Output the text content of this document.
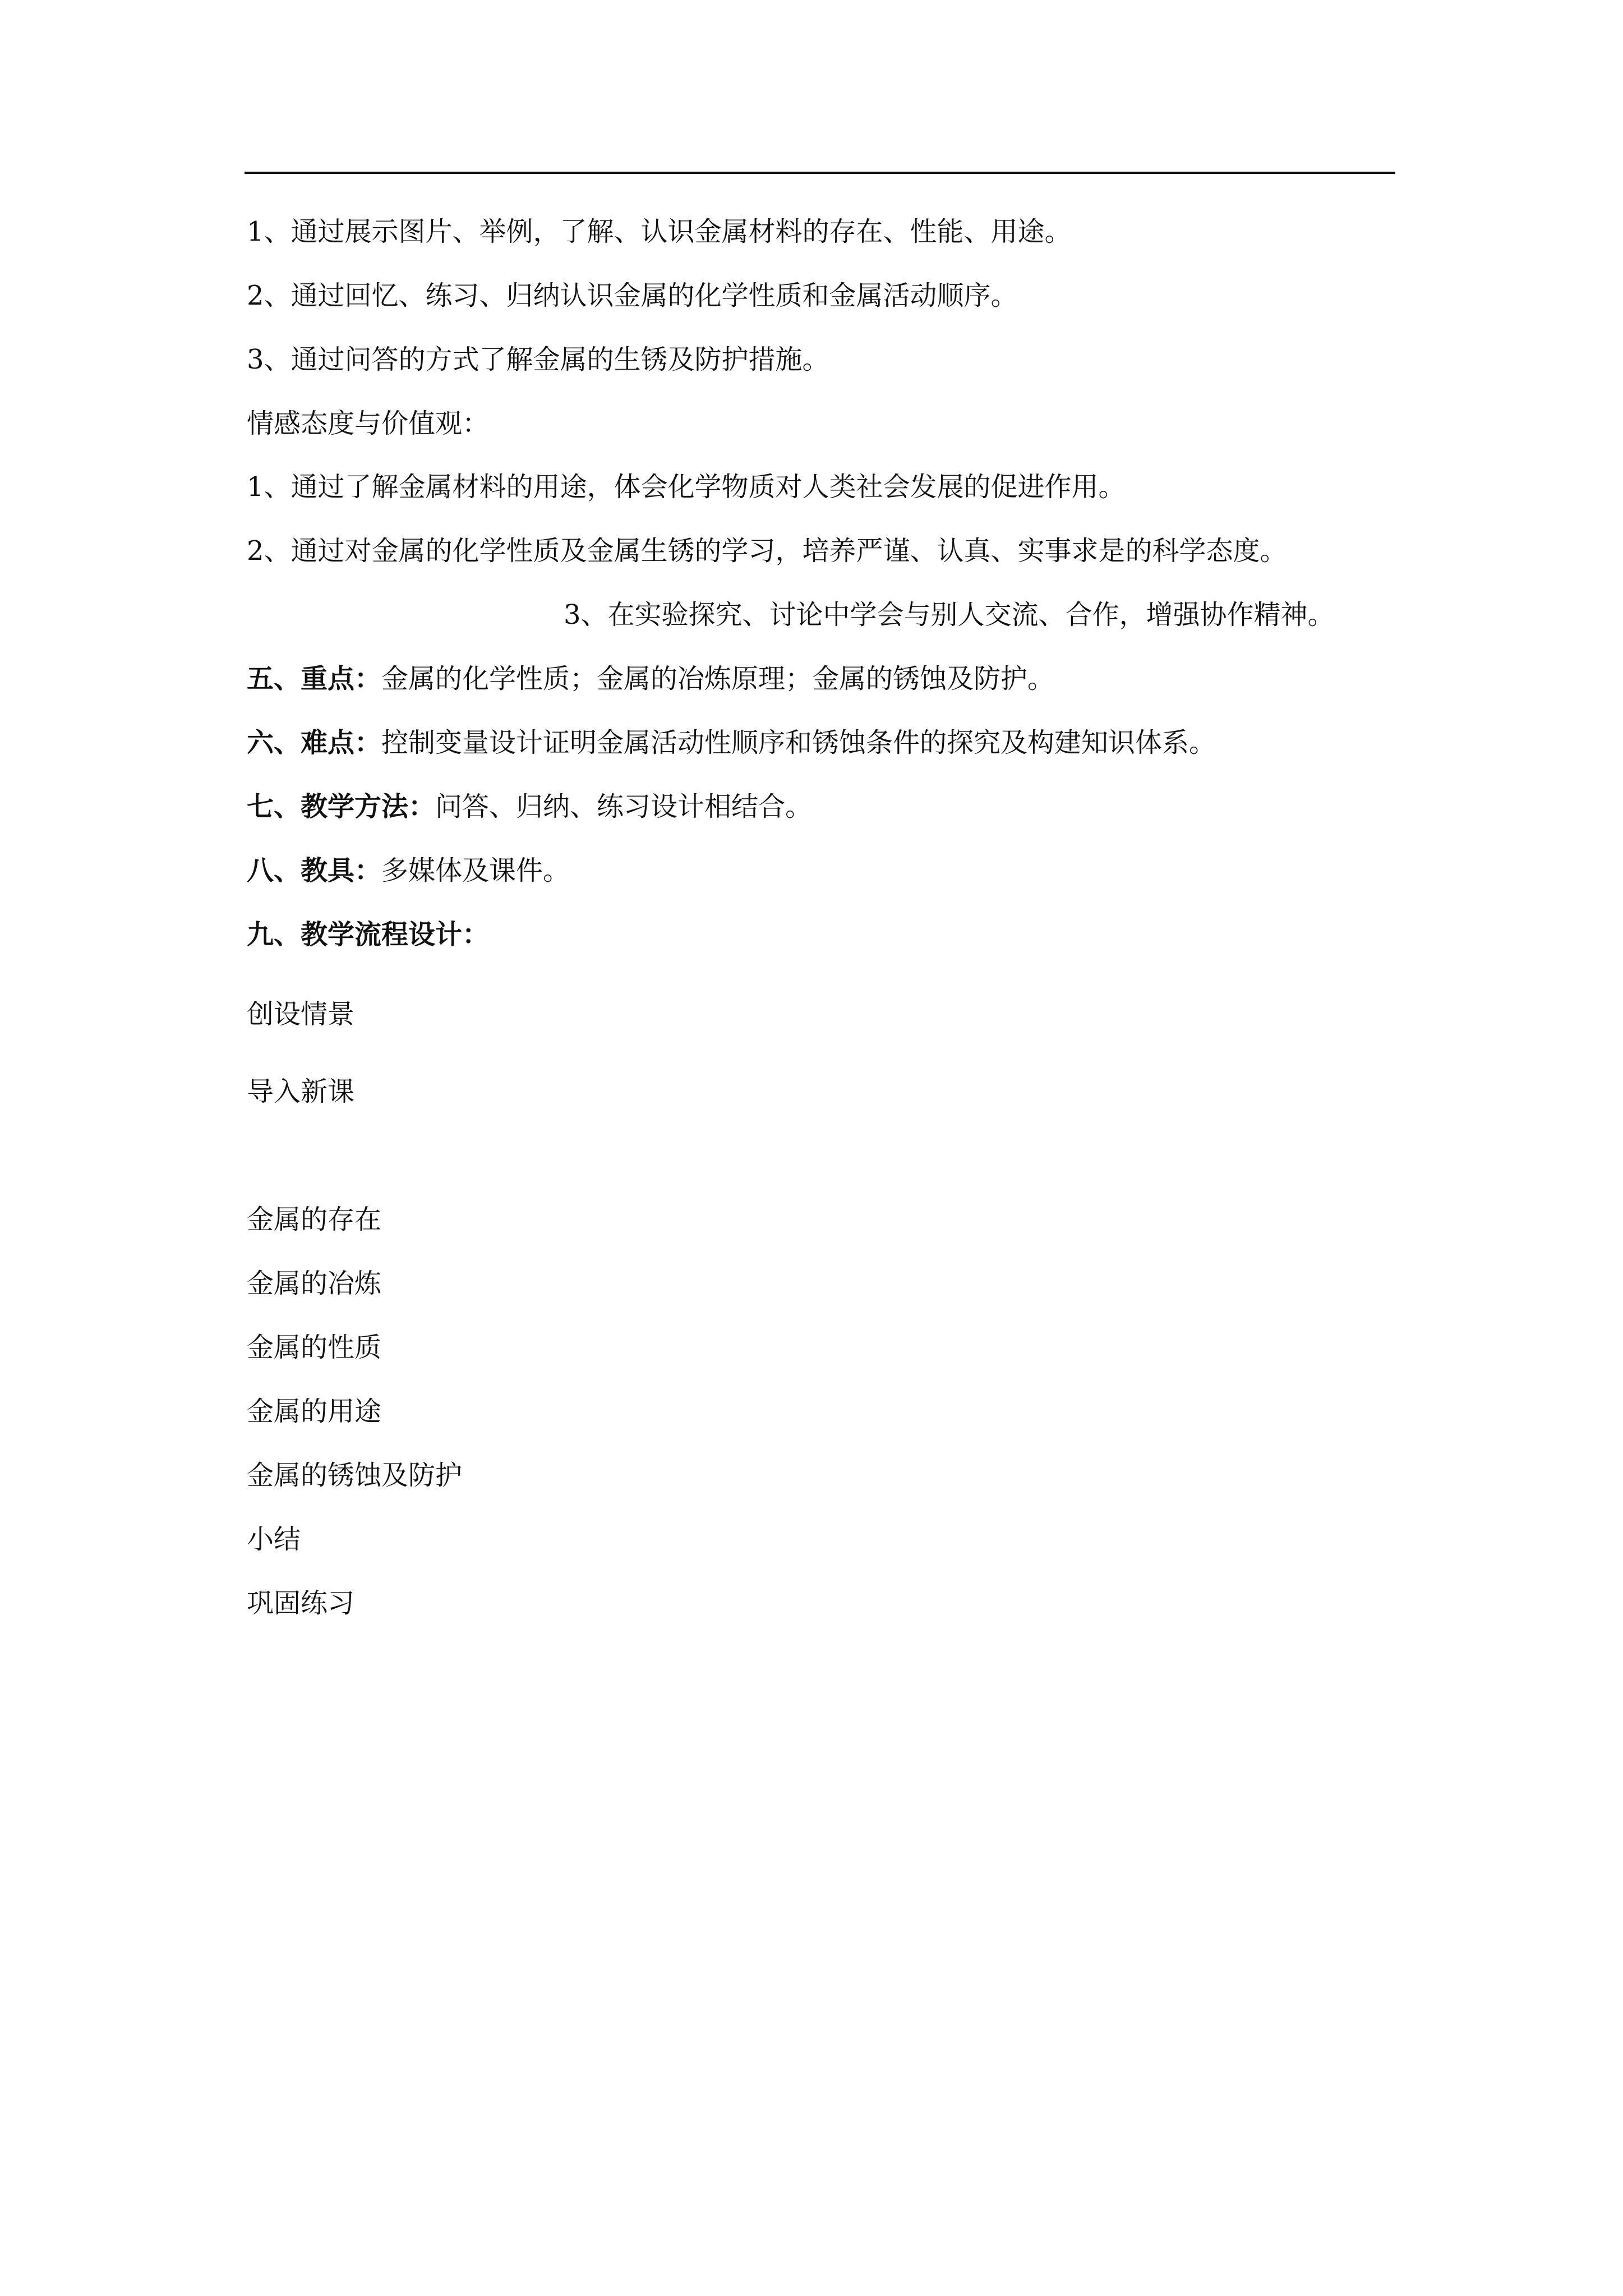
1、通过展示图片、举例，了解、认识金属材料的存在、性能、用途。
2、通过回忆、练习、归纳认识金属的化学性质和金属活动顺序。
3、通过问答的方式了解金属的生锈及防护措施。
情感态度与价值观：
1、通过了解金属材料的用途，体会化学物质对人类社会发展的促进作用。
2、通过对金属的化学性质及金属生锈的学习，培养严谨、认真、实事求是的科学态度。
3、在实验探究、讨论中学会与别人交流、合作，增强协作精神。
五、重点：金属的化学性质；金属的冶炼原理；金属的锈蚀及防护。
六、难点：控制变量设计证明金属活动性顺序和锈蚀条件的探究及构建知识体系。
七、教学方法：问答、归纳、练习设计相结合。
八、教具：多媒体及课件。
九、教学流程设计：
创设情景
导入新课
金属的存在
金属的冶炼
金属的性质
金属的用途
金属的锈蚀及防护
小结
巩固练习
